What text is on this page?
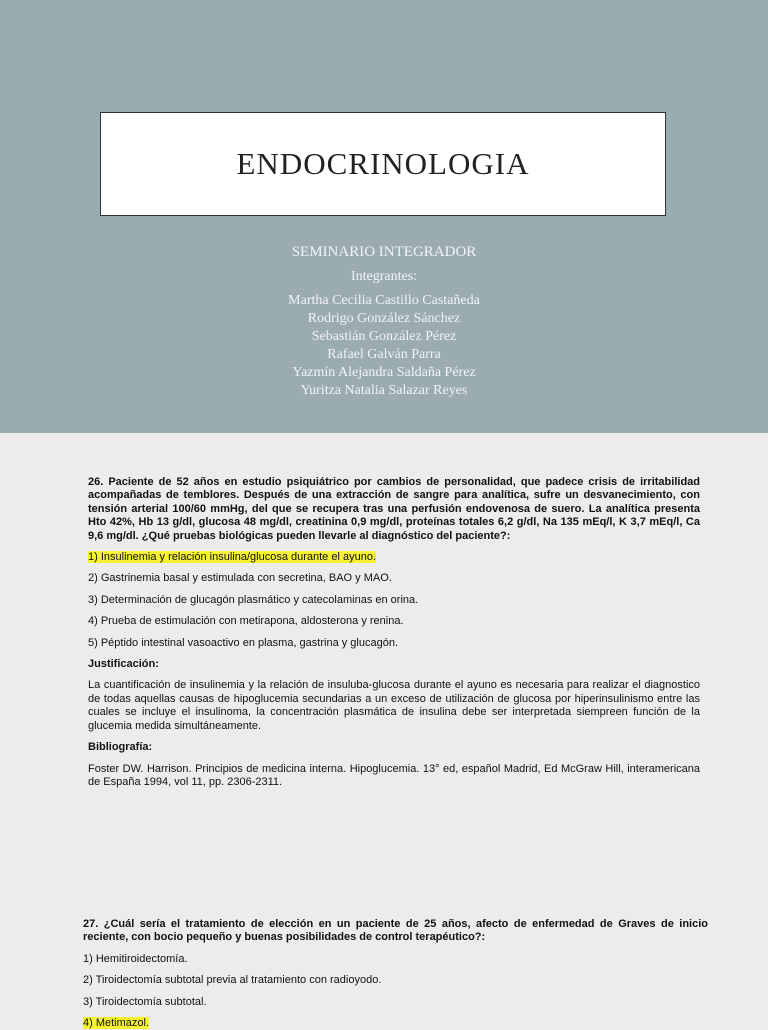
ENDOCRINOLOGIA
SEMINARIO INTEGRADOR
Integrantes:
Martha Cecilia Castillo Castañeda
Rodrigo González Sánchez
Sebastián González Pérez
Rafael Galván Parra
Yazmín Alejandra Saldaña Pérez
Yuritza Natalia Salazar Reyes

26. Paciente de 52 años en estudio psiquiátrico por cambios de personalidad, que padece crisis de irritabilidad acompañadas de temblores. Después de una extracción de sangre para analítica, sufre un desvanecimiento, con tensión arterial 100/60 mmHg, del que se recupera tras una perfusión endovenosa de suero. La analítica presenta Hto 42%, Hb 13 g/dl, glucosa 48 mg/dl, creatinina 0,9 mg/dl, proteínas totales 6,2 g/dl, Na 135 mEq/l, K 3,7 mEq/l, Ca 9,6 mg/dl. ¿Qué pruebas biológicas pueden llevarle al diagnóstico del paciente?:

1) Insulinemia y relación insulina/glucosa durante el ayuno.

2) Gastrinemia basal y estimulada con secretina, BAO y MAO.

3) Determinación de glucagón plasmático y catecolaminas en orina.

4) Prueba de estimulación con metirapona, aldosterona y renina.

5) Péptido intestinal vasoactivo en plasma, gastrina y glucagón.

Justificación:

La cuantificación de insulinemia y la relación de insuluba-glucosa durante el ayuno es necesaria para realizar el diagnostico de todas aquellas causas de hipoglucemia secundarias a un exceso de utilización de glucosa por hiperinsulinismo entre las cuales se incluye el insulinoma, la concentración plasmática de insulina debe ser interpretada siempreen función de la glucemia medida simultáneamente.

Bibliografía:

Foster DW. Harrison. Principios de medicina interna. Hipoglucemia. 13° ed, español Madrid, Ed McGraw Hill, interamericana de España 1994, vol 11, pp. 2306-2311.

27. ¿Cuál sería el tratamiento de elección en un paciente de 25 años, afecto de enfermedad de Graves de inicio reciente, con bocio pequeño y buenas posibilidades de control terapéutico?:

1) Hemitiroidectomía.

2) Tiroidectomía subtotal previa al tratamiento con radioyodo.

3) Tiroidectomía subtotal.

4) Metimazol.
